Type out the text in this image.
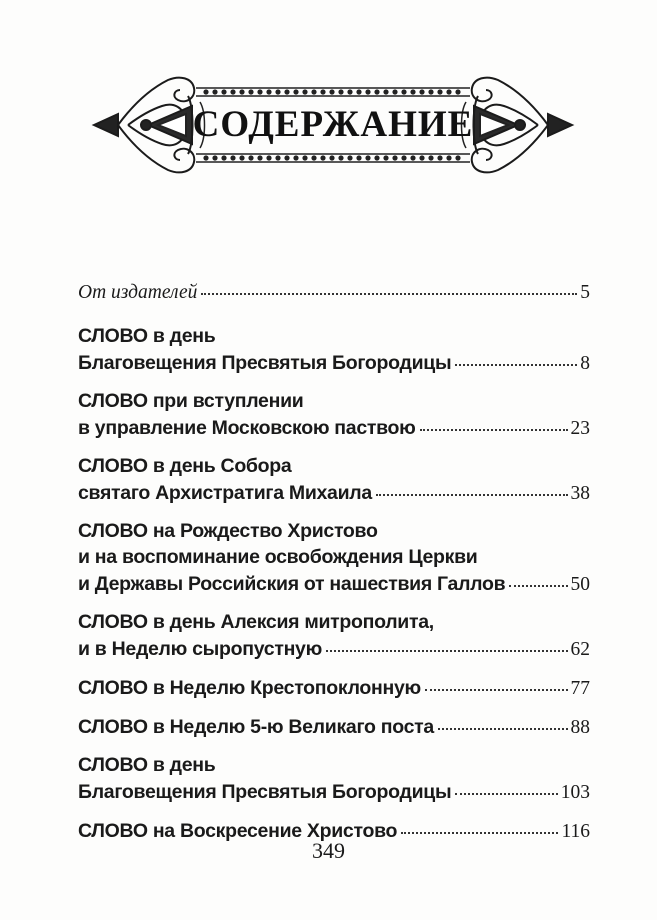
СОДЕРЖАНИЕ
От издателей	5
СЛОВО в день
Благовещения Пресвятыя Богородицы	8
СЛОВО при вступлении
в управление Московскою паствою	23
СЛОВО в день Собора
святаго Архистратига Михаила	38
СЛОВО на Рождество Христово
и на воспоминание освобождения Церкви
и Державы Российския от нашествия Галлов	50
СЛОВО в день Алексия митрополита,
и в Неделю сыропустную	62
СЛОВО в Неделю Крестопоклонную	77
СЛОВО в Неделю 5-ю Великаго поста	88
СЛОВО в день
Благовещения Пресвятыя Богородицы	103
СЛОВО на Воскресение Христово	116
349
